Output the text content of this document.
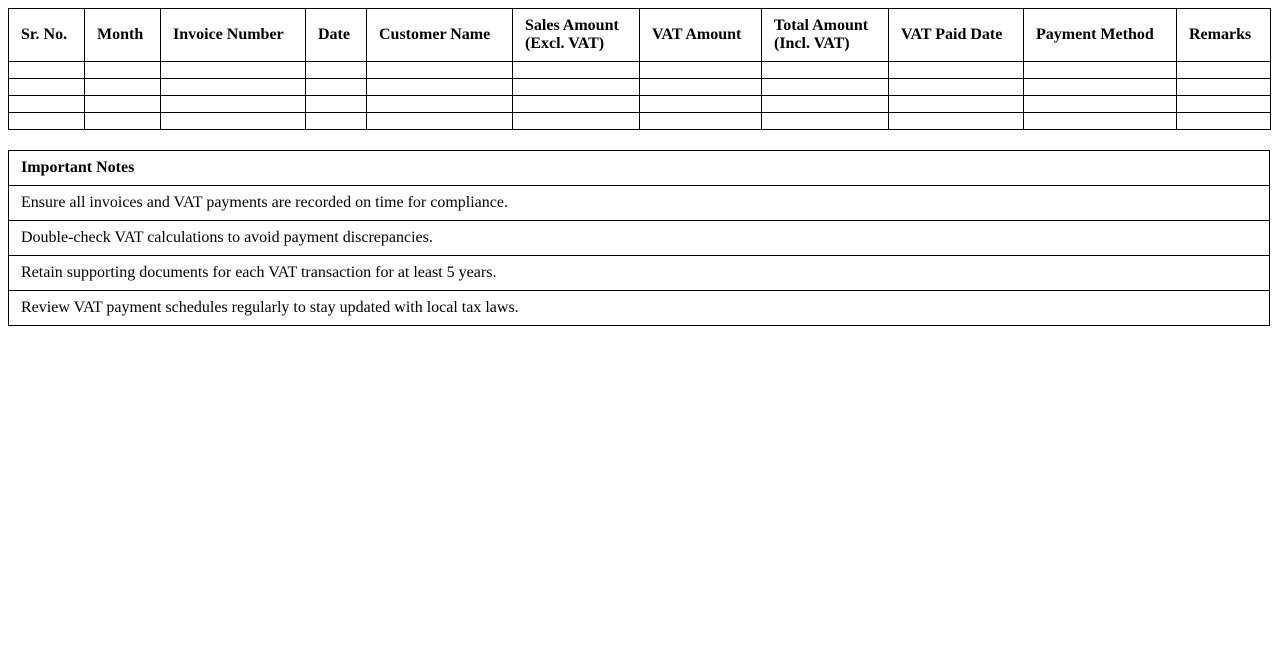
Sr. No.	Month	Invoice Number	Date	Customer Name	Sales Amount (Excl. VAT)	VAT Amount	Total Amount (Incl. VAT)	VAT Paid Date	Payment Method	Remarks

Important Notes
Ensure all invoices and VAT payments are recorded on time for compliance.
Double-check VAT calculations to avoid payment discrepancies.
Retain supporting documents for each VAT transaction for at least 5 years.
Review VAT payment schedules regularly to stay updated with local tax laws.
